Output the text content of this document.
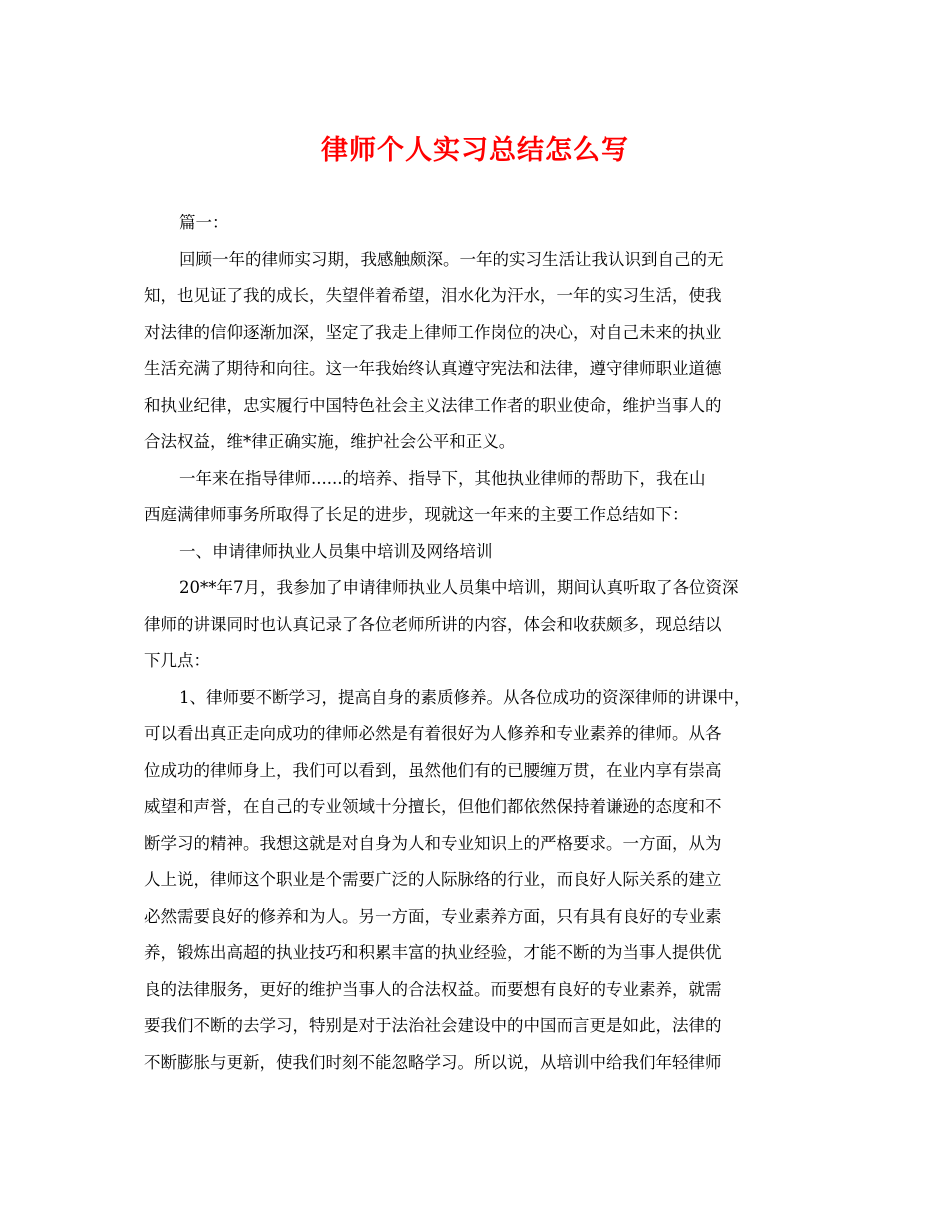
律师个人实习总结怎么写
篇一：
回顾一年的律师实习期，我感触颇深。一年的实习生活让我认识到自己的无
知，也见证了我的成长，失望伴着希望，泪水化为汗水，一年的实习生活，使我
对法律的信仰逐渐加深，坚定了我走上律师工作岗位的决心，对自己未来的执业
生活充满了期待和向往。这一年我始终认真遵守宪法和法律，遵守律师职业道德
和执业纪律，忠实履行中国特色社会主义法律工作者的职业使命，维护当事人的
合法权益，维*律正确实施，维护社会公平和正义。
一年来在指导律师......的培养、指导下，其他执业律师的帮助下，我在山
西庭满律师事务所取得了长足的进步，现就这一年来的主要工作总结如下：
一、申请律师执业人员集中培训及网络培训
20**年7月，我参加了申请律师执业人员集中培训，期间认真听取了各位资深
律师的讲课同时也认真记录了各位老师所讲的内容，体会和收获颇多，现总结以
下几点：
1、律师要不断学习，提高自身的素质修养。从各位成功的资深律师的讲课中，
可以看出真正走向成功的律师必然是有着很好为人修养和专业素养的律师。从各
位成功的律师身上，我们可以看到，虽然他们有的已腰缠万贯，在业内享有崇高
威望和声誉，在自己的专业领域十分擅长，但他们都依然保持着谦逊的态度和不
断学习的精神。我想这就是对自身为人和专业知识上的严格要求。一方面，从为
人上说，律师这个职业是个需要广泛的人际脉络的行业，而良好人际关系的建立
必然需要良好的修养和为人。另一方面，专业素养方面，只有具有良好的专业素
养，锻炼出高超的执业技巧和积累丰富的执业经验，才能不断的为当事人提供优
良的法律服务，更好的维护当事人的合法权益。而要想有良好的专业素养，就需
要我们不断的去学习，特别是对于法治社会建设中的中国而言更是如此，法律的
不断膨胀与更新，使我们时刻不能忽略学习。所以说，从培训中给我们年轻律师
